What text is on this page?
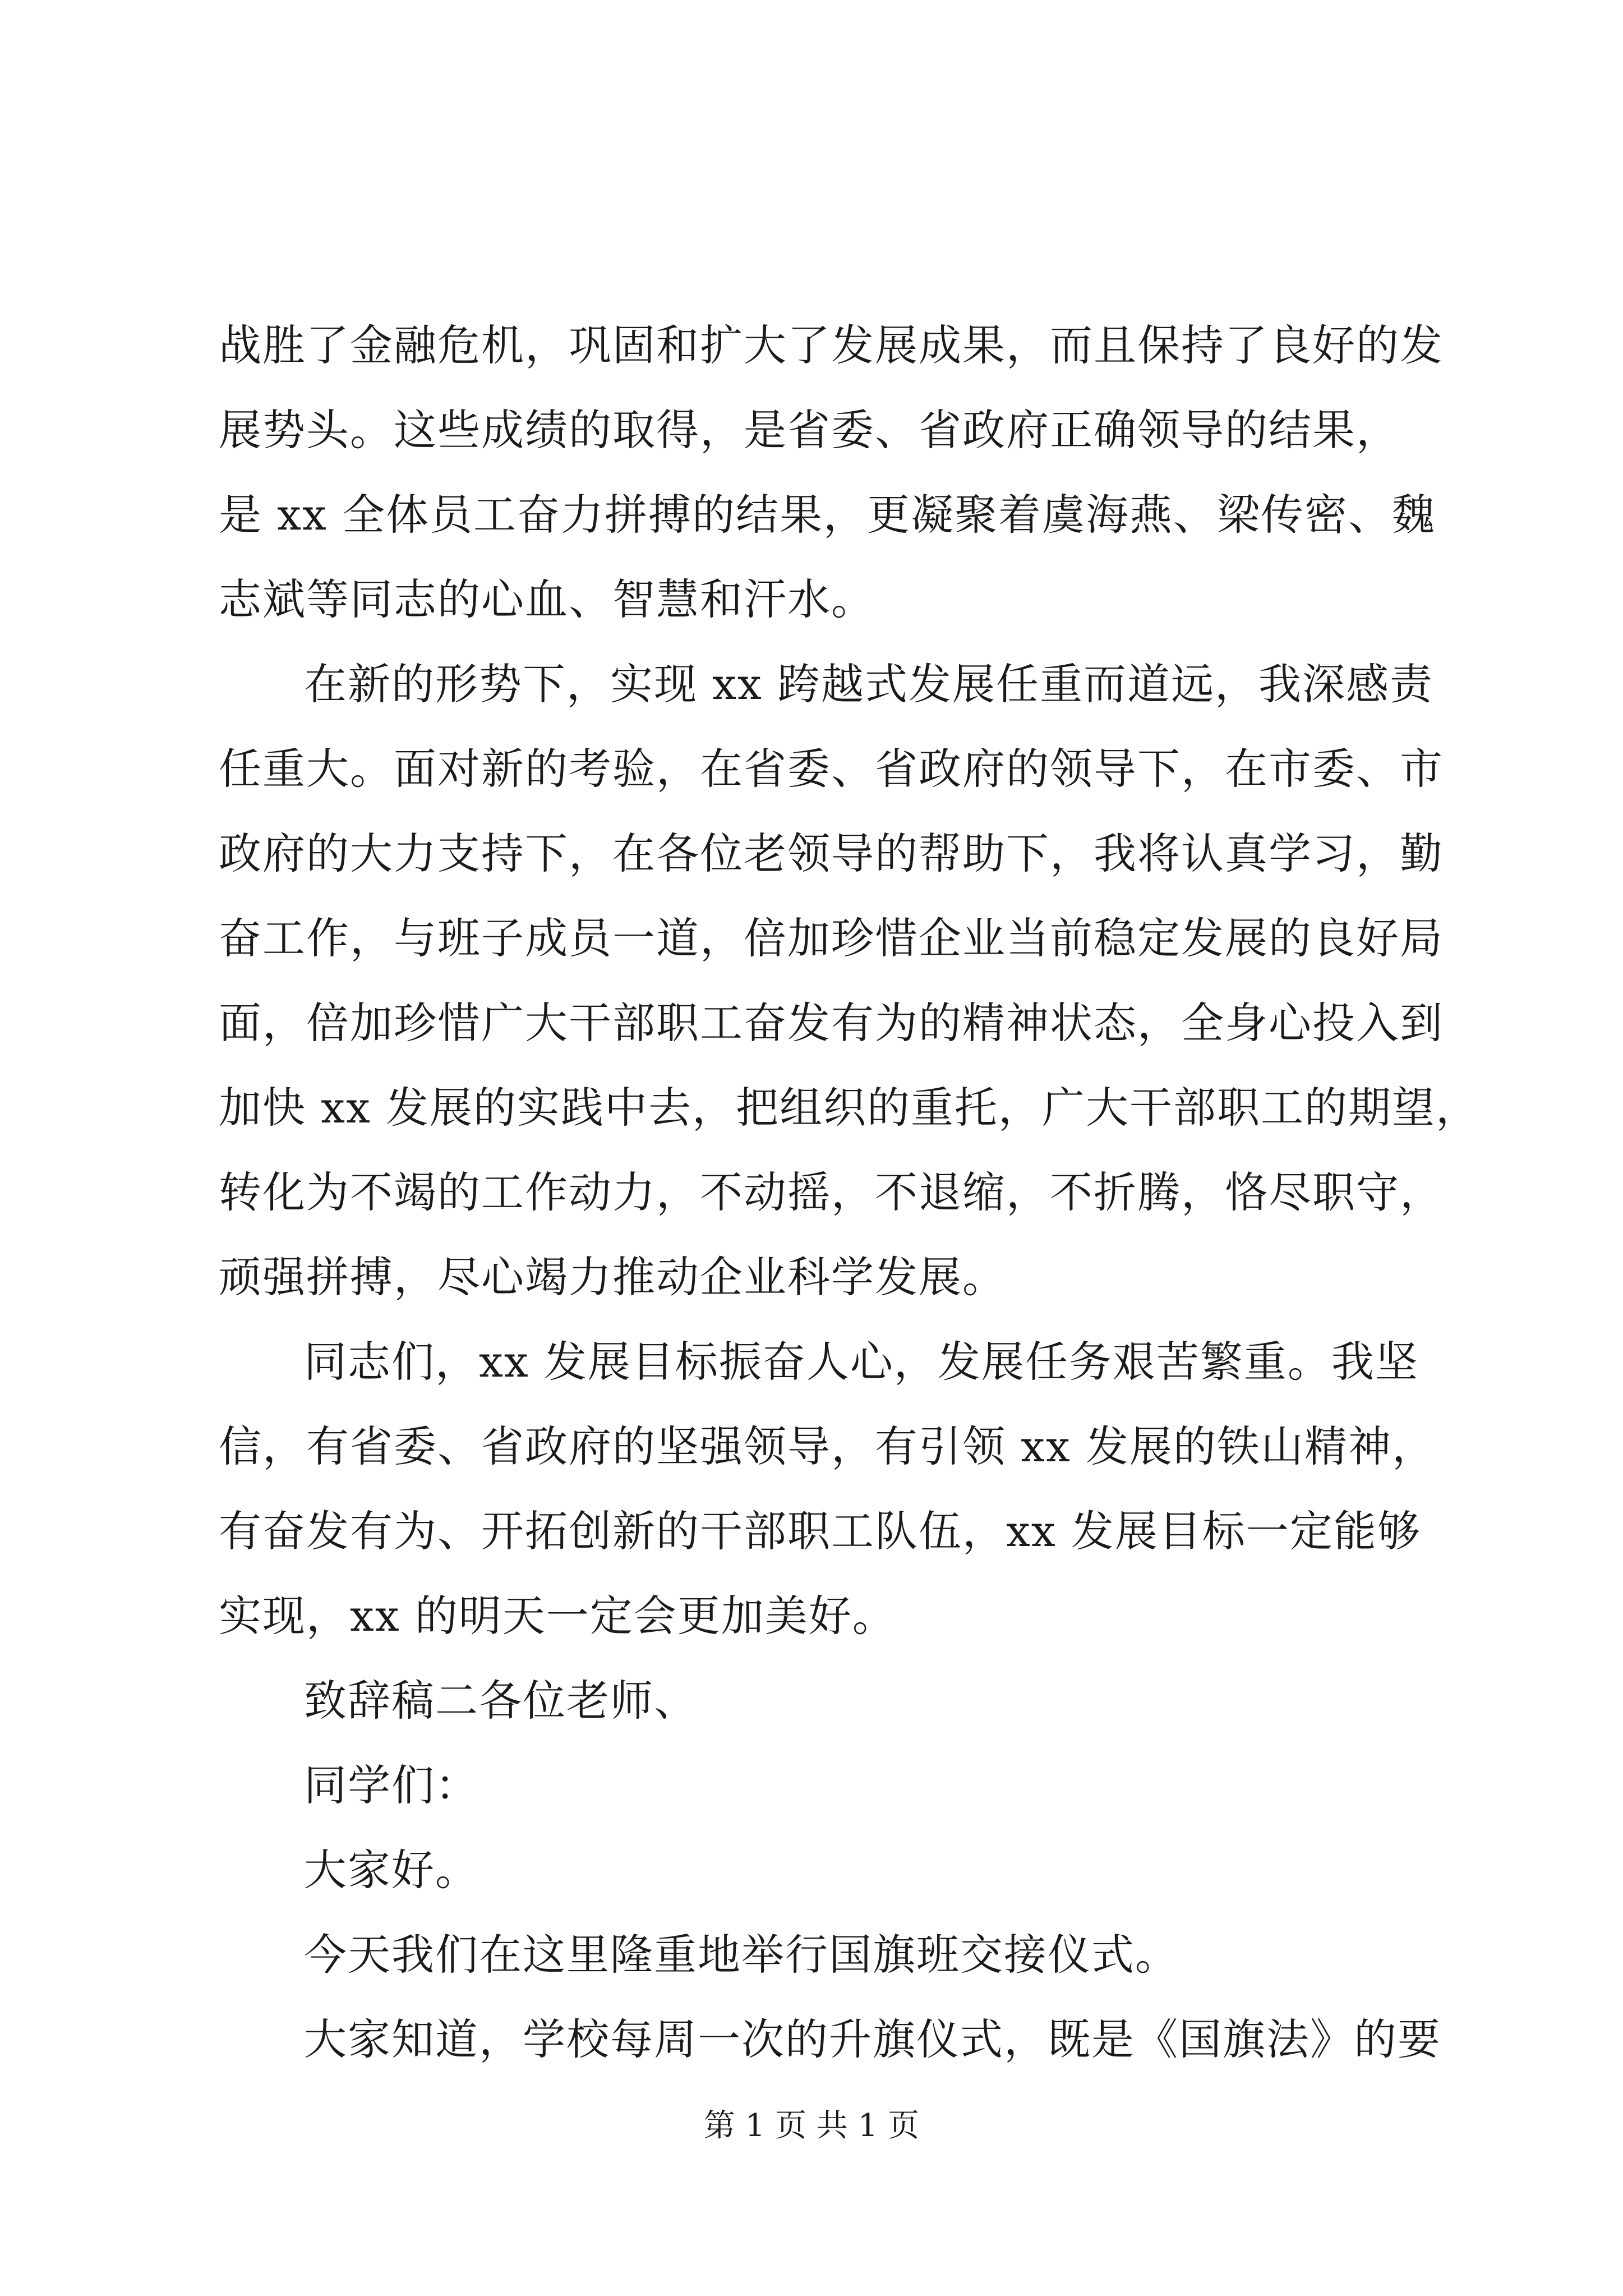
战胜了金融危机，巩固和扩大了发展成果，而且保持了良好的发
展势头。这些成绩的取得，是省委、省政府正确领导的结果，
是 xx 全体员工奋力拼搏的结果，更凝聚着虞海燕、梁传密、魏
志斌等同志的心血、智慧和汗水。
在新的形势下，实现 xx 跨越式发展任重而道远，我深感责
任重大。面对新的考验，在省委、省政府的领导下，在市委、市
政府的大力支持下，在各位老领导的帮助下，我将认真学习，勤
奋工作，与班子成员一道，倍加珍惜企业当前稳定发展的良好局
面，倍加珍惜广大干部职工奋发有为的精神状态，全身心投入到
加快 xx 发展的实践中去，把组织的重托，广大干部职工的期望，
转化为不竭的工作动力，不动摇，不退缩，不折腾，恪尽职守，
顽强拼搏，尽心竭力推动企业科学发展。
同志们，xx 发展目标振奋人心，发展任务艰苦繁重。我坚
信，有省委、省政府的坚强领导，有引领 xx 发展的铁山精神，
有奋发有为、开拓创新的干部职工队伍，xx 发展目标一定能够
实现，xx 的明天一定会更加美好。
致辞稿二各位老师、
同学们：
大家好。
今天我们在这里隆重地举行国旗班交接仪式。
大家知道，学校每周一次的升旗仪式，既是《国旗法》的要
第 1 页 共 1 页
